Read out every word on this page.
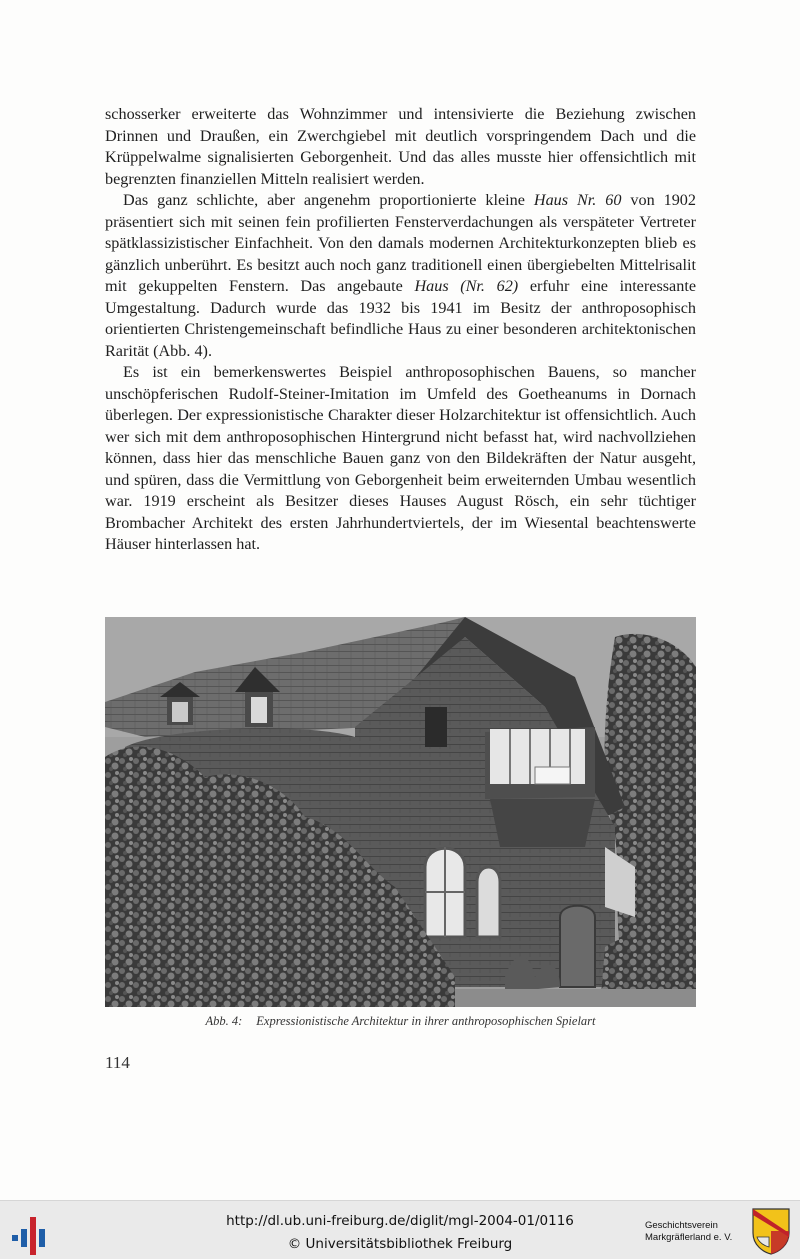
schosserker erweiterte das Wohnzimmer und intensivierte die Beziehung zwischen Drinnen und Draußen, ein Zwerchgiebel mit deutlich vorspringendem Dach und die Krüppelwalme signalisierten Geborgenheit. Und das alles musste hier offensichtlich mit begrenzten finanziellen Mitteln realisiert werden.

Das ganz schlichte, aber angenehm proportionierte kleine Haus Nr. 60 von 1902 präsentiert sich mit seinen fein profilierten Fensterverdachungen als verspäteter Vertreter spätklassizistischer Einfachheit. Von den damals modernen Architekturkonzepten blieb es gänzlich unberührt. Es besitzt auch noch ganz traditionell einen übergiebelten Mittelrisalit mit gekuppelten Fenstern. Das angebaute Haus (Nr. 62) erfuhr eine interessante Umgestaltung. Dadurch wurde das 1932 bis 1941 im Besitz der anthroposophisch orientierten Christengemeinschaft befindliche Haus zu einer besonderen architektonischen Rarität (Abb. 4).

Es ist ein bemerkenswertes Beispiel anthroposophischen Bauens, so mancher unschöpferischen Rudolf-Steiner-Imitation im Umfeld des Goetheanums in Dornach überlegen. Der expressionistische Charakter dieser Holzarchitektur ist offensichtlich. Auch wer sich mit dem anthroposophischen Hintergrund nicht befasst hat, wird nachvollziehen können, dass hier das menschliche Bauen ganz von den Bildekräften der Natur ausgeht, und spüren, dass die Vermittlung von Geborgenheit beim erweiternden Umbau wesentlich war. 1919 erscheint als Besitzer dieses Hauses August Rösch, ein sehr tüchtiger Brombacher Architekt des ersten Jahrhundertviertels, der im Wiesental beachtenswerte Häuser hinterlassen hat.

Abb. 4: Expressionistische Architektur in ihrer anthroposophischen Spielart
114
http://dl.ub.uni-freiburg.de/diglit/mgl-2004-01/0116
© Universitätsbibliothek Freiburg
Geschichtsverein
Markgräflerland e. V.
